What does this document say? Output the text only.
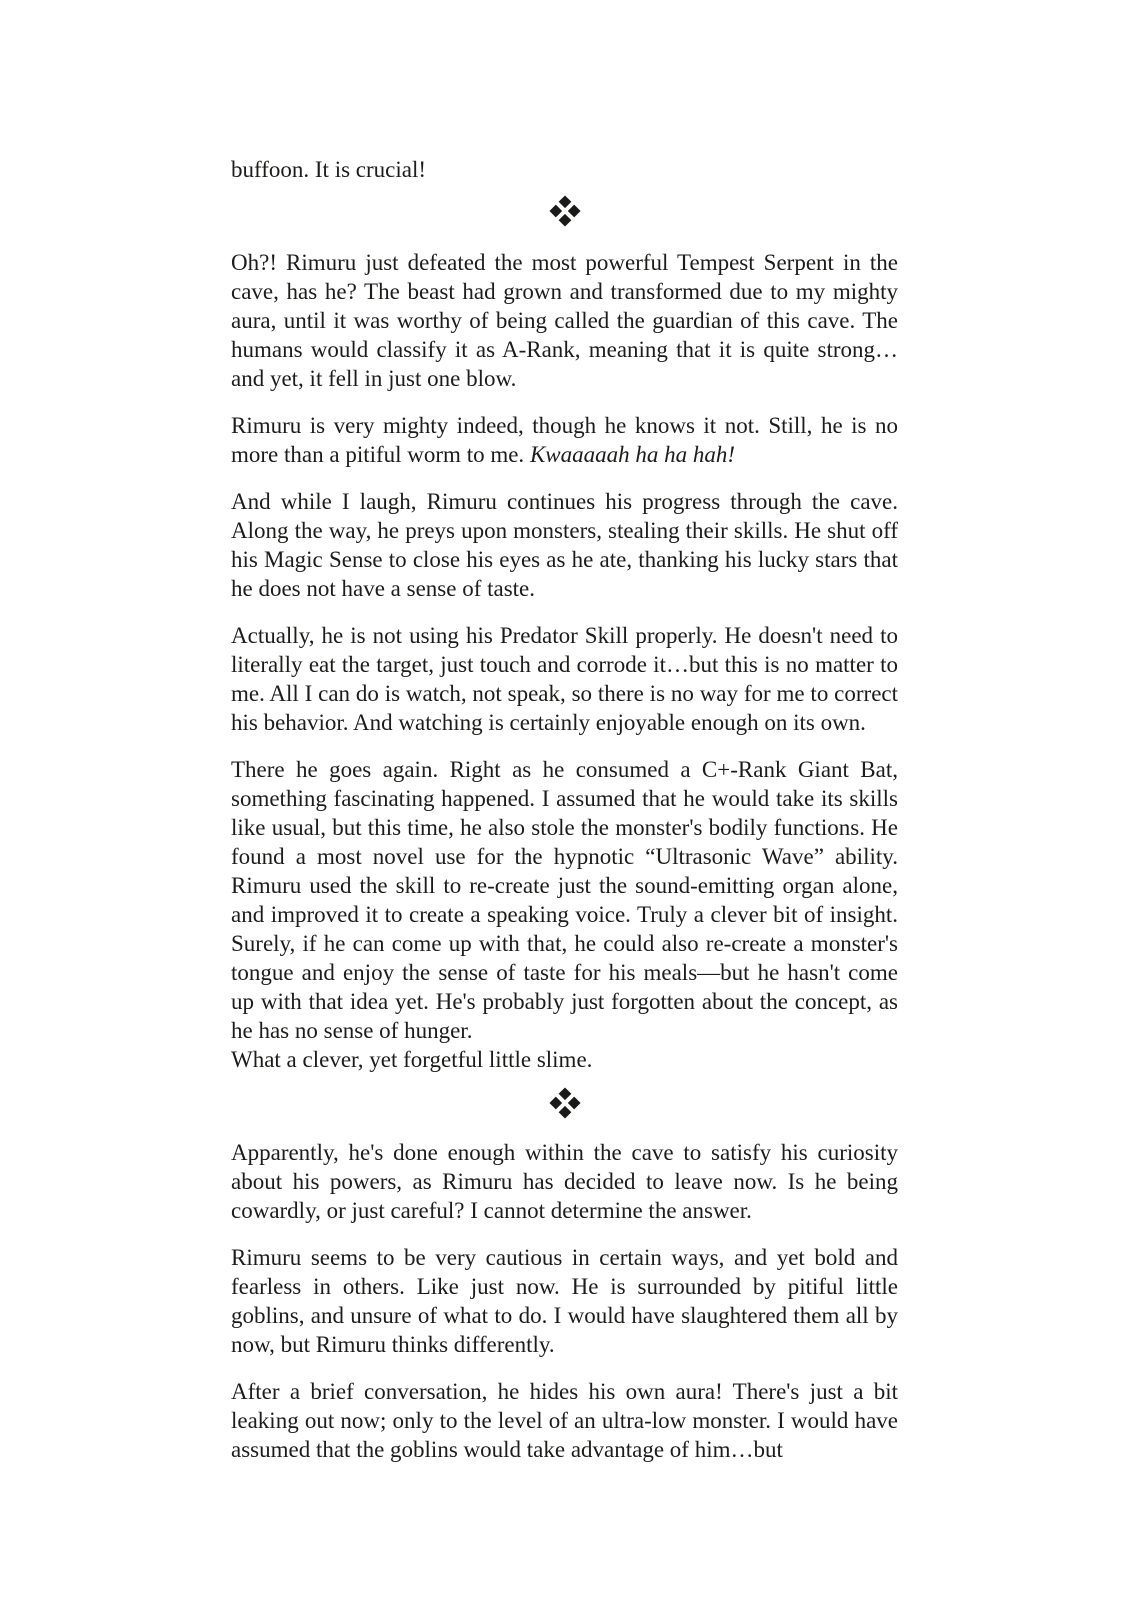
buffoon. It is crucial!

Oh?! Rimuru just defeated the most powerful Tempest Serpent in the cave, has he? The beast had grown and transformed due to my mighty aura, until it was worthy of being called the guardian of this cave. The humans would classify it as A-Rank, meaning that it is quite strong…and yet, it fell in just one blow.

Rimuru is very mighty indeed, though he knows it not. Still, he is no more than a pitiful worm to me. Kwaaaaah ha ha hah!

And while I laugh, Rimuru continues his progress through the cave. Along the way, he preys upon monsters, stealing their skills. He shut off his Magic Sense to close his eyes as he ate, thanking his lucky stars that he does not have a sense of taste.

Actually, he is not using his Predator Skill properly. He doesn't need to literally eat the target, just touch and corrode it…but this is no matter to me. All I can do is watch, not speak, so there is no way for me to correct his behavior. And watching is certainly enjoyable enough on its own.

There he goes again. Right as he consumed a C+-Rank Giant Bat, something fascinating happened. I assumed that he would take its skills like usual, but this time, he also stole the monster's bodily functions. He found a most novel use for the hypnotic “Ultrasonic Wave” ability. Rimuru used the skill to re-create just the sound-emitting organ alone, and improved it to create a speaking voice. Truly a clever bit of insight. Surely, if he can come up with that, he could also re-create a monster's tongue and enjoy the sense of taste for his meals—but he hasn't come up with that idea yet. He's probably just forgotten about the concept, as he has no sense of hunger.
What a clever, yet forgetful little slime.

Apparently, he's done enough within the cave to satisfy his curiosity about his powers, as Rimuru has decided to leave now. Is he being cowardly, or just careful? I cannot determine the answer.

Rimuru seems to be very cautious in certain ways, and yet bold and fearless in others. Like just now. He is surrounded by pitiful little goblins, and unsure of what to do. I would have slaughtered them all by now, but Rimuru thinks differently.

After a brief conversation, he hides his own aura! There's just a bit leaking out now; only to the level of an ultra-low monster. I would have assumed that the goblins would take advantage of him…but
